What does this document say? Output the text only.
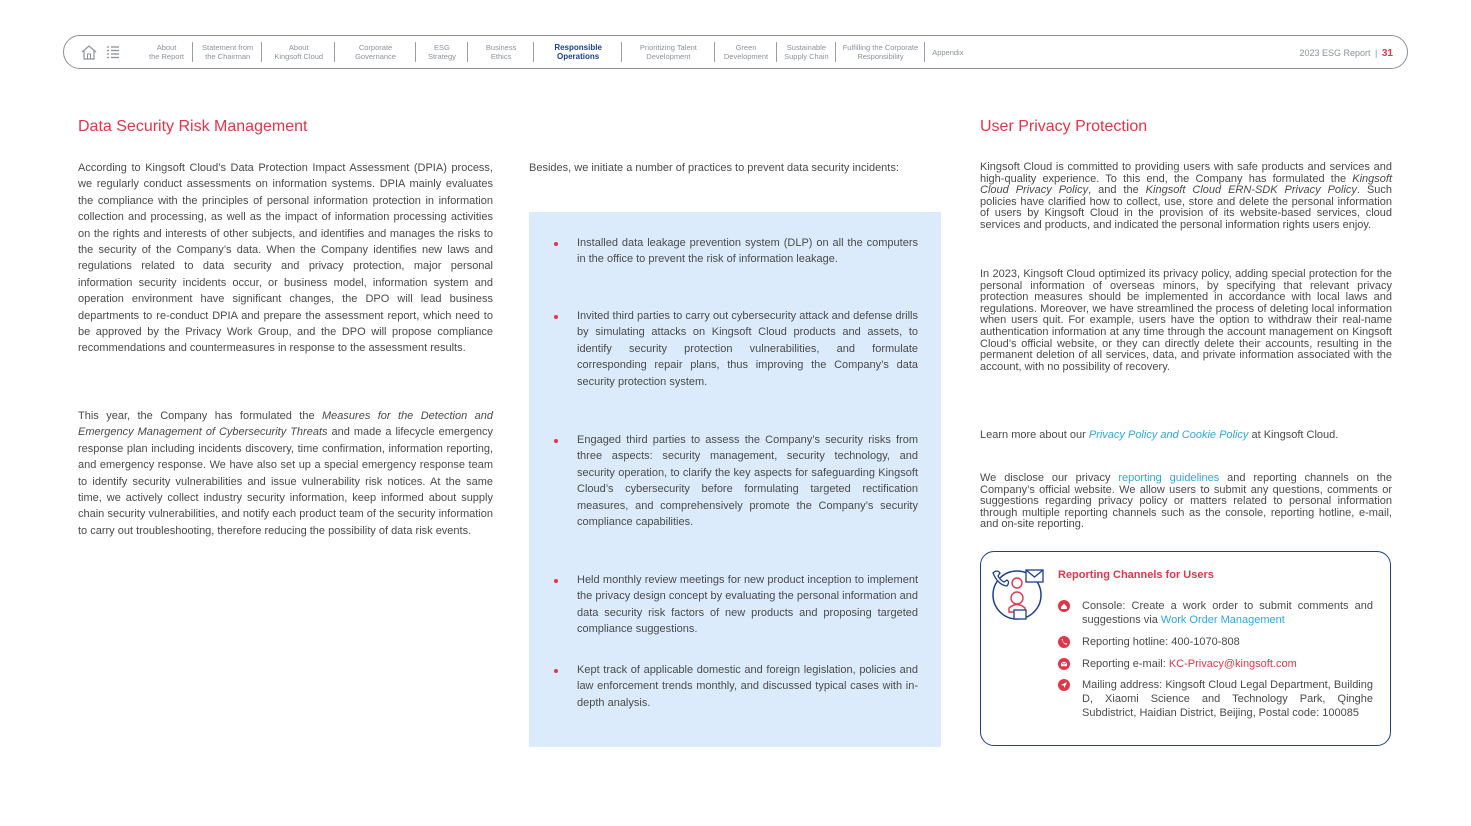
About
the Report
Statement from
the Chairman
About
Kingsoft Cloud
Corporate
Governance
ESG
Strategy
Business
Ethics
Responsible
Operations
Prioritizing Talent
Development
Green
Development
Sustainable
Supply Chain
Fulfilling the Corporate
Responsibility	Appendix	2023 ESG Report | 31
Data Security Risk Management

According to Kingsoft Cloud’s Data Protection Impact Assessment (DPIA) process, we regularly conduct assessments on information systems. DPIA mainly evaluates the compliance with the principles of personal information protection in information collection and processing, as well as the impact of information processing activities on the rights and interests of other subjects, and identifies and manages the risks to the security of the Company’s data. When the Company identifies new laws and regulations related to data security and privacy protection, major personal information security incidents occur, or business model, information system and operation environment have significant changes, the DPO will lead business departments to re-conduct DPIA and prepare the assessment report, which need to be approved by the Privacy Work Group, and the DPO will propose compliance recommendations and countermeasures in response to the assessment results.

This year, the Company has formulated the Measures for the Detection and Emergency Management of Cybersecurity Threats and made a lifecycle emergency response plan including incidents discovery, time confirmation, information reporting, and emergency response. We have also set up a special emergency response team to identify security vulnerabilities and issue vulnerability risk notices. At the same time, we actively collect industry security information, keep informed about supply chain security vulnerabilities, and notify each product team of the security information to carry out troubleshooting, therefore reducing the possibility of data risk events.

Besides, we initiate a number of practices to prevent data security incidents:

Installed data leakage prevention system (DLP) on all the computers in the office to prevent the risk of information leakage.
Invited third parties to carry out cybersecurity attack and defense drills by simulating attacks on Kingsoft Cloud products and assets, to identify security protection vulnerabilities, and formulate corresponding repair plans, thus improving the Company’s data security protection system.
Engaged third parties to assess the Company’s security risks from three aspects: security management, security technology, and security operation, to clarify the key aspects for safeguarding Kingsoft Cloud’s cybersecurity before formulating targeted rectification measures, and comprehensively promote the Company’s security compliance capabilities.
Held monthly review meetings for new product inception to implement the privacy design concept by evaluating the personal information and data security risk factors of new products and proposing targeted compliance suggestions.
Kept track of applicable domestic and foreign legislation, policies and law enforcement trends monthly, and discussed typical cases with in-depth analysis.
User Privacy Protection

Kingsoft Cloud is committed to providing users with safe products and services and high-quality experience. To this end, the Company has formulated the Kingsoft Cloud Privacy Policy, and the Kingsoft Cloud ERN-SDK Privacy Policy. Such policies have clarified how to collect, use, store and delete the personal information of users by Kingsoft Cloud in the provision of its website-based services, cloud services and products, and indicated the personal information rights users enjoy.

In 2023, Kingsoft Cloud optimized its privacy policy, adding special protection for the personal information of overseas minors, by specifying that relevant privacy protection measures should be implemented in accordance with local laws and regulations. Moreover, we have streamlined the process of deleting local information when users quit. For example, users have the option to withdraw their real-name authentication information at any time through the account management on Kingsoft Cloud’s official website, or they can directly delete their accounts, resulting in the permanent deletion of all services, data, and private information associated with the account, with no possibility of recovery.

Learn more about our Privacy Policy and Cookie Policy at Kingsoft Cloud.

We disclose our privacy reporting guidelines and reporting channels on the Company’s official website. We allow users to submit any questions, comments or suggestions regarding privacy policy or matters related to personal information through multiple reporting channels such as the console, reporting hotline, e-mail, and on-site reporting.

Reporting Channels for Users
Console: Create a work order to submit comments and suggestions via Work Order Management
Reporting hotline: 400-1070-808
Reporting e-mail: KC-Privacy@kingsoft.com
Mailing address: Kingsoft Cloud Legal Department, Building D, Xiaomi Science and Technology Park, Qinghe Subdistrict, Haidian District, Beijing, Postal code: 100085
